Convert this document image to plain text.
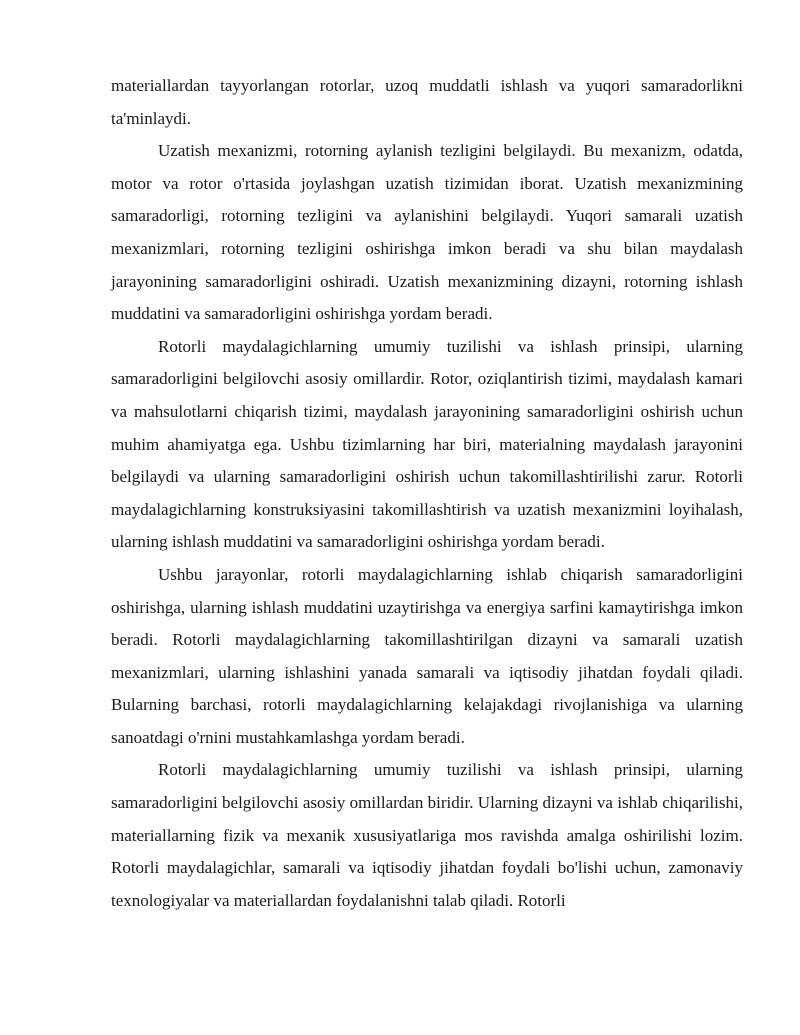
materiallardan tayyorlangan rotorlar, uzoq muddatli ishlash va yuqori samaradorlikni ta'minlaydi.

Uzatish mexanizmi, rotorning aylanish tezligini belgilaydi. Bu mexanizm, odatda, motor va rotor o'rtasida joylashgan uzatish tizimidan iborat. Uzatish mexanizmining samaradorligi, rotorning tezligini va aylanishini belgilaydi. Yuqori samarali uzatish mexanizmlari, rotorning tezligini oshirishga imkon beradi va shu bilan maydalash jarayonining samaradorligini oshiradi. Uzatish mexanizmining dizayni, rotorning ishlash muddatini va samaradorligini oshirishga yordam beradi.

Rotorli maydalagichlarning umumiy tuzilishi va ishlash prinsipi, ularning samaradorligini belgilovchi asosiy omillardir. Rotor, oziqlantirish tizimi, maydalash kamari va mahsulotlarni chiqarish tizimi, maydalash jarayonining samaradorligini oshirish uchun muhim ahamiyatga ega. Ushbu tizimlarning har biri, materialning maydalash jarayonini belgilaydi va ularning samaradorligini oshirish uchun takomillashtirilishi zarur. Rotorli maydalagichlarning konstruksiyasini takomillashtirish va uzatish mexanizmini loyihalash, ularning ishlash muddatini va samaradorligini oshirishga yordam beradi.

Ushbu jarayonlar, rotorli maydalagichlarning ishlab chiqarish samaradorligini oshirishga, ularning ishlash muddatini uzaytirishga va energiya sarfini kamaytirishga imkon beradi. Rotorli maydalagichlarning takomillashtirilgan dizayni va samarali uzatish mexanizmlari, ularning ishlashini yanada samarali va iqtisodiy jihatdan foydali qiladi. Bularning barchasi, rotorli maydalagichlarning kelajakdagi rivojlanishiga va ularning sanoatdagi o'rnini mustahkamlashga yordam beradi.

Rotorli maydalagichlarning umumiy tuzilishi va ishlash prinsipi, ularning samaradorligini belgilovchi asosiy omillardan biridir. Ularning dizayni va ishlab chiqarilishi, materiallarning fizik va mexanik xususiyatlariga mos ravishda amalga oshirilishi lozim. Rotorli maydalagichlar, samarali va iqtisodiy jihatdan foydali bo'lishi uchun, zamonaviy texnologiyalar va materiallardan foydalanishni talab qiladi. Rotorli
